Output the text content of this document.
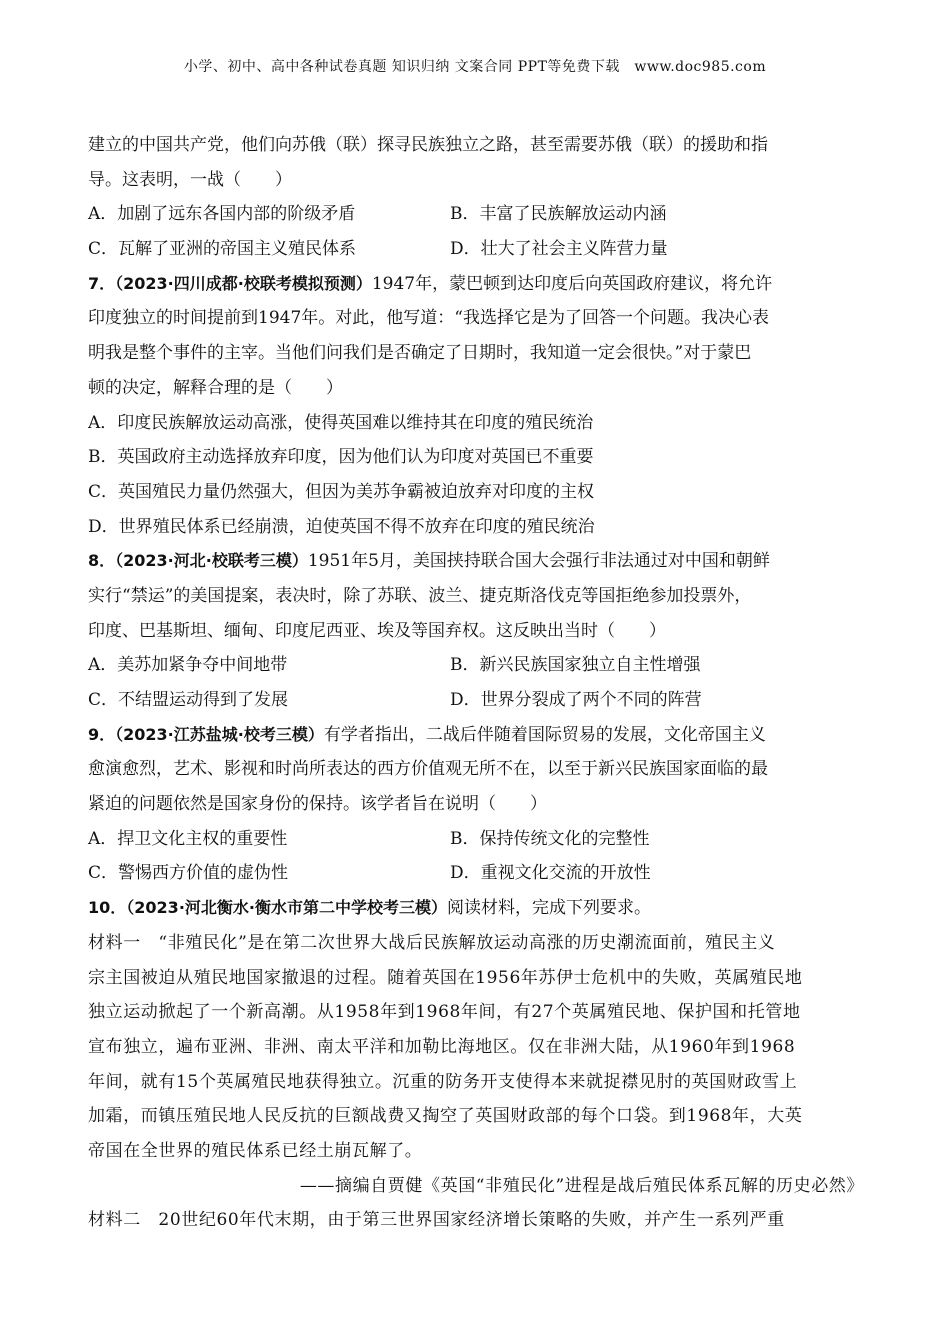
小学、初中、高中各种试卷真题 知识归纳 文案合同 PPT等免费下载　www.doc985.com
建立的中国共产党，他们向苏俄（联）探寻民族独立之路，甚至需要苏俄（联）的援助和指
导。这表明，一战（　　）
A．加剧了远东各国内部的阶级矛盾	B．丰富了民族解放运动内涵
C．瓦解了亚洲的帝国主义殖民体系	D．壮大了社会主义阵营力量
7．（2023·四川成都·校联考模拟预测）1947年，蒙巴顿到达印度后向英国政府建议，将允许
印度独立的时间提前到1947年。对此，他写道：“我选择它是为了回答一个问题。我决心表
明我是整个事件的主宰。当他们问我们是否确定了日期时，我知道一定会很快。”对于蒙巴
顿的决定，解释合理的是（　　）
A．印度民族解放运动高涨，使得英国难以维持其在印度的殖民统治
B．英国政府主动选择放弃印度，因为他们认为印度对英国已不重要
C．英国殖民力量仍然强大，但因为美苏争霸被迫放弃对印度的主权
D．世界殖民体系已经崩溃，迫使英国不得不放弃在印度的殖民统治
8．（2023·河北·校联考三模）1951年5月，美国挟持联合国大会强行非法通过对中国和朝鲜
实行“禁运”的美国提案，表决时，除了苏联、波兰、捷克斯洛伐克等国拒绝参加投票外，
印度、巴基斯坦、缅甸、印度尼西亚、埃及等国弃权。这反映出当时（　　）
A．美苏加紧争夺中间地带	B．新兴民族国家独立自主性增强
C．不结盟运动得到了发展	D．世界分裂成了两个不同的阵营
9．（2023·江苏盐城·校考三模）有学者指出，二战后伴随着国际贸易的发展，文化帝国主义
愈演愈烈，艺术、影视和时尚所表达的西方价值观无所不在，以至于新兴民族国家面临的最
紧迫的问题依然是国家身份的保持。该学者旨在说明（　　）
A．捍卫文化主权的重要性	B．保持传统文化的完整性
C．警惕西方价值的虚伪性	D．重视文化交流的开放性
10．（2023·河北衡水·衡水市第二中学校考三模）阅读材料，完成下列要求。
材料一　“非殖民化”是在第二次世界大战后民族解放运动高涨的历史潮流面前，殖民主义
宗主国被迫从殖民地国家撤退的过程。随着英国在1956年苏伊士危机中的失败，英属殖民地
独立运动掀起了一个新高潮。从1958年到1968年间，有27个英属殖民地、保护国和托管地
宣布独立，遍布亚洲、非洲、南太平洋和加勒比海地区。仅在非洲大陆，从1960年到1968
年间，就有15个英属殖民地获得独立。沉重的防务开支使得本来就捉襟见肘的英国财政雪上
加霜，而镇压殖民地人民反抗的巨额战费又掏空了英国财政部的每个口袋。到1968年，大英
帝国在全世界的殖民体系已经土崩瓦解了。
——摘编自贾健《英国“非殖民化”进程是战后殖民体系瓦解的历史必然》
材料二　20世纪60年代末期，由于第三世界国家经济增长策略的失败，并产生一系列严重
